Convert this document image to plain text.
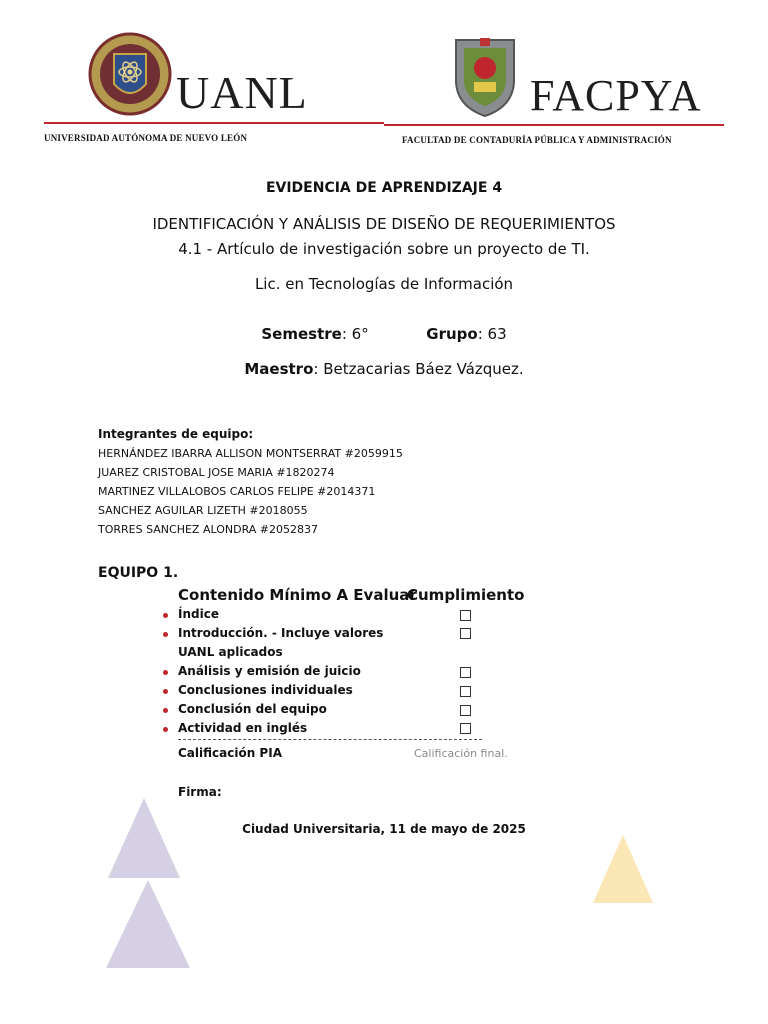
UANL
UNIVERSIDAD AUTÓNOMA DE NUEVO LEÓN
FACPYA
FACULTAD DE CONTADURÍA PÚBLICA Y ADMINISTRACIÓN
EVIDENCIA DE APRENDIZAJE 4
IDENTIFICACIÓN Y ANÁLISIS DE DISEÑO DE REQUERIMIENTOS
4.1 - Artículo de investigación sobre un proyecto de TI.
Lic. en Tecnologías de Información
Semestre: 6°	Grupo: 63
Maestro: Betzacarias Báez Vázquez.
Integrantes de equipo:
HERNÁNDEZ IBARRA ALLISON MONTSERRAT #2059915
JUAREZ CRISTOBAL JOSE MARIA #1820274
MARTINEZ VILLALOBOS CARLOS FELIPE #2014371
SANCHEZ AGUILAR LIZETH #2018055
TORRES SANCHEZ ALONDRA #2052837
EQUIPO 1.
Contenido Mínimo A Evaluar
Cumplimiento
Índice
Introducción. - Incluye valores
UANL aplicados
Análisis y emisión de juicio
Conclusiones individuales
Conclusión del equipo
Actividad en inglés
Calificación PIA	Calificación final.
Firma:
Ciudad Universitaria, 11 de mayo de 2025
